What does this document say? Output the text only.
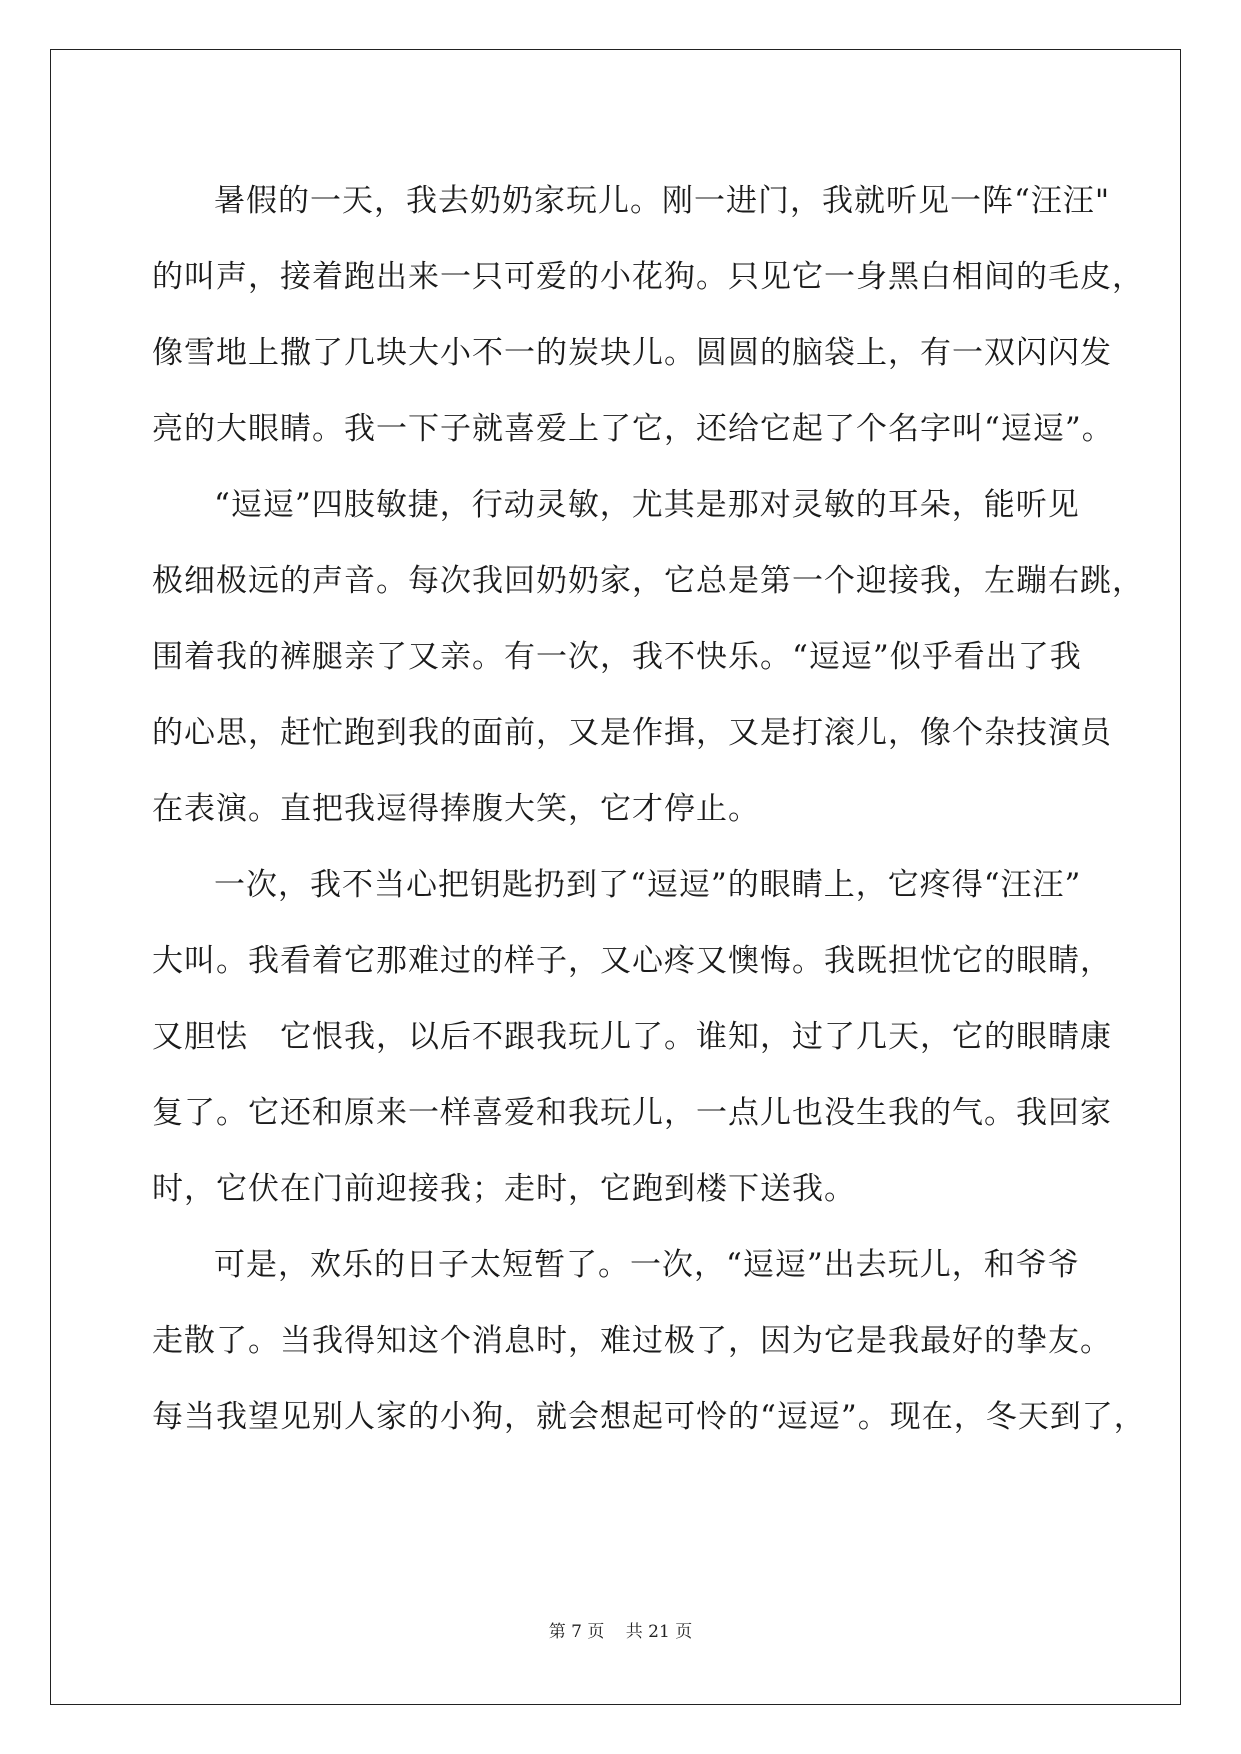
暑假的一天，我去奶奶家玩儿。刚一进门，我就听见一阵“汪汪"
的叫声，接着跑出来一只可爱的小花狗。只见它一身黑白相间的毛皮，
像雪地上撒了几块大小不一的炭块儿。圆圆的脑袋上，有一双闪闪发
亮的大眼睛。我一下子就喜爱上了它，还给它起了个名字叫“逗逗”。
“逗逗”四肢敏捷，行动灵敏，尤其是那对灵敏的耳朵，能听见
极细极远的声音。每次我回奶奶家，它总是第一个迎接我，左蹦右跳，
围着我的裤腿亲了又亲。有一次，我不快乐。“逗逗”似乎看出了我
的心思，赶忙跑到我的面前，又是作揖，又是打滚儿，像个杂技演员
在表演。直把我逗得捧腹大笑，它才停止。
一次，我不当心把钥匙扔到了“逗逗”的眼睛上，它疼得“汪汪”
大叫。我看着它那难过的样子，又心疼又懊悔。我既担忧它的眼睛，
又胆怯　它恨我，以后不跟我玩儿了。谁知，过了几天，它的眼睛康
复了。它还和原来一样喜爱和我玩儿，一点儿也没生我的气。我回家
时，它伏在门前迎接我；走时，它跑到楼下送我。
可是，欢乐的日子太短暂了。一次，“逗逗”出去玩儿，和爷爷
走散了。当我得知这个消息时，难过极了，因为它是我最好的挚友。
每当我望见别人家的小狗，就会想起可怜的“逗逗”。现在，冬天到了，
第 7 页 共 21 页
